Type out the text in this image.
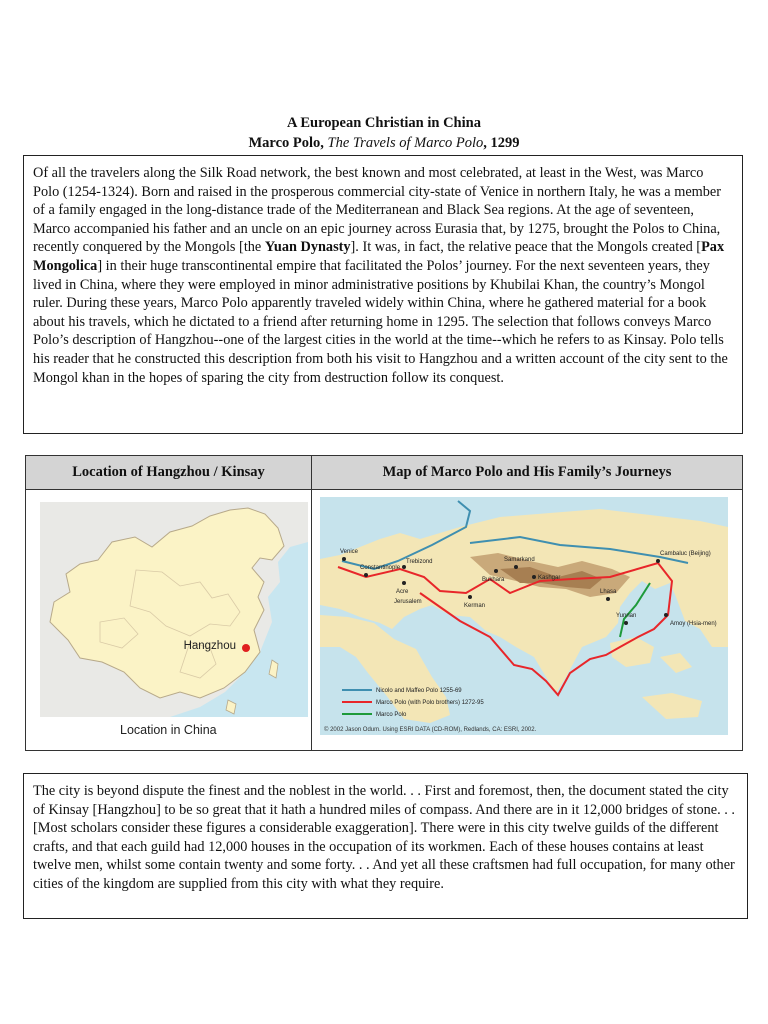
A European Christian in China
Marco Polo, The Travels of Marco Polo, 1299
Of all the travelers along the Silk Road network, the best known and most celebrated, at least in the West, was Marco Polo (1254-1324). Born and raised in the prosperous commercial city-state of Venice in northern Italy, he was a member of a family engaged in the long-distance trade of the Mediterranean and Black Sea regions. At the age of seventeen, Marco accompanied his father and an uncle on an epic journey across Eurasia that, by 1275, brought the Polos to China, recently conquered by the Mongols [the Yuan Dynasty]. It was, in fact, the relative peace that the Mongols created [Pax Mongolica] in their huge transcontinental empire that facilitated the Polos’ journey. For the next seventeen years, they lived in China, where they were employed in minor administrative positions by Khubilai Khan, the country’s Mongol ruler. During these years, Marco Polo apparently traveled widely within China, where he gathered material for a book about his travels, which he dictated to a friend after returning home in 1295. The selection that follows conveys Marco Polo’s description of Hangzhou--one of the largest cities in the world at the time--which he refers to as Kinsay. Polo tells his reader that he constructed this description from both his visit to Hangzhou and a written account of the city sent to the Mongol khan in the hopes of sparing the city from destruction follow its conquest.
Location of Hangzhou / Kinsay	Map of Marco Polo and His Family’s Journeys
Hangzhou
Location in China
Venice
Constantinople
Trebizond
Acre
Jerusalem
Kerman
Bukhara
Samarkand
Kashgar
Lhasa
Cambaluc (Beijing)
Yunnan
Amoy (Hsia-men)
Nicolo and Maffeo Polo 1255-69
Marco Polo (with Polo brothers) 1272-95
Marco Polo
© 2002 Jason Odum. Using ESRI DATA (CD-ROM), Redlands, CA: ESRI, 2002.
The city is beyond dispute the finest and the noblest in the world. . . First and foremost, then, the document stated the city of Kinsay [Hangzhou] to be so great that it hath a hundred miles of compass. And there are in it 12,000 bridges of stone. . . [Most scholars consider these figures a considerable exaggeration]. There were in this city twelve guilds of the different crafts, and that each guild had 12,000 houses in the occupation of its workmen. Each of these houses contains at least twelve men, whilst some contain twenty and some forty. . . And yet all these craftsmen had full occupation, for many other cities of the kingdom are supplied from this city with what they require.
